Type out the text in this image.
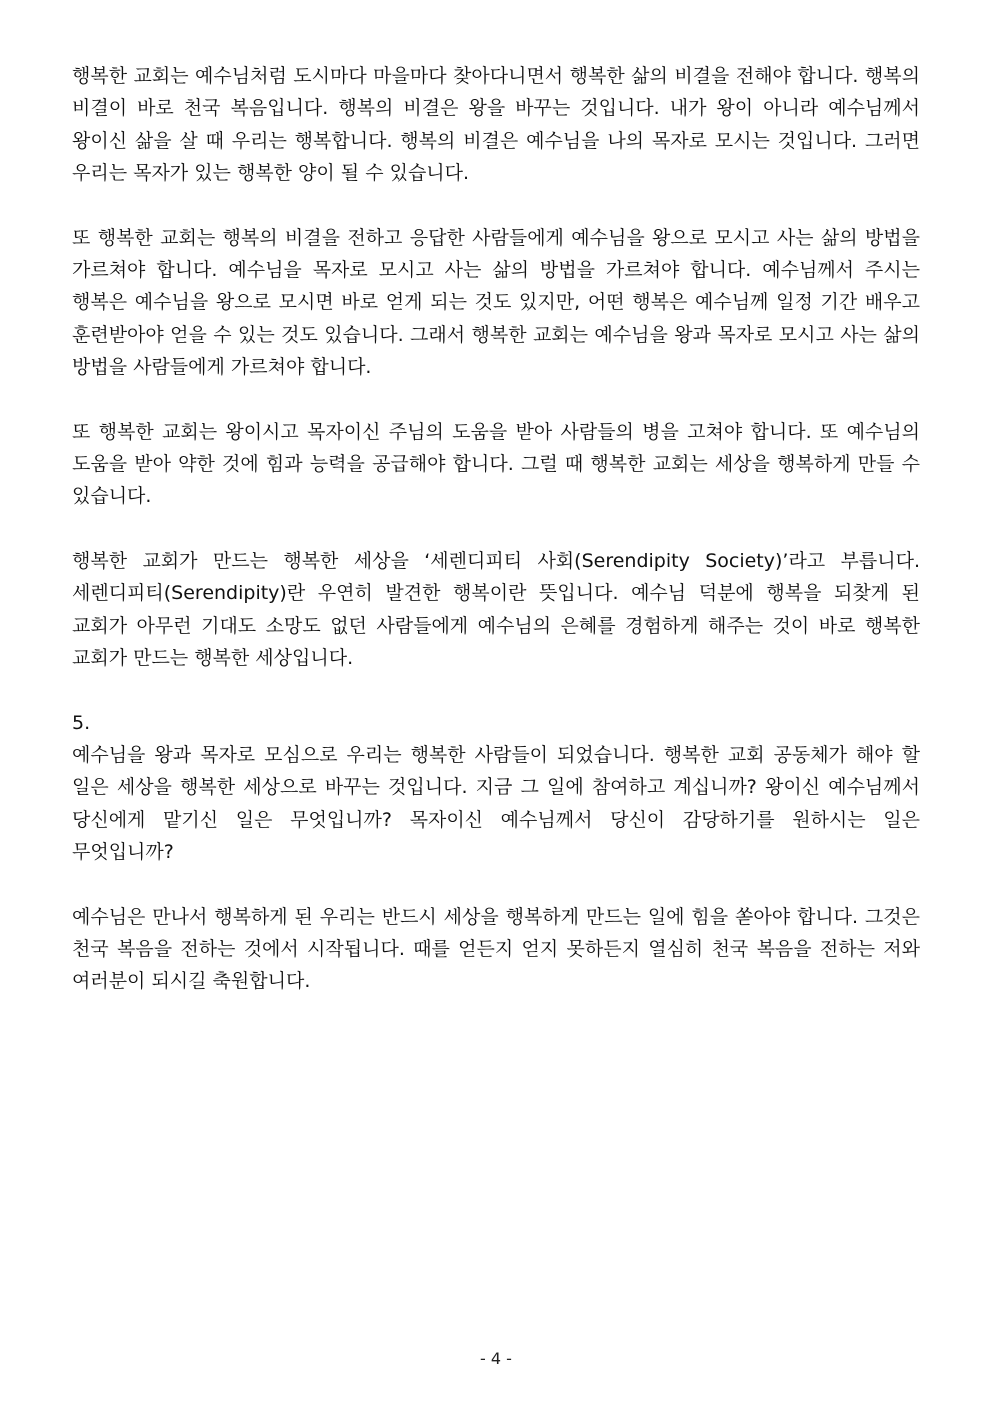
행복한 교회는 예수님처럼 도시마다 마을마다 찾아다니면서 행복한 삶의 비결을 전해야 합니다. 행복의 비결이 바로 천국 복음입니다. 행복의 비결은 왕을 바꾸는 것입니다. 내가 왕이 아니라 예수님께서 왕이신 삶을 살 때 우리는 행복합니다. 행복의 비결은 예수님을 나의 목자로 모시는 것입니다. 그러면 우리는 목자가 있는 행복한 양이 될 수 있습니다.

또 행복한 교회는 행복의 비결을 전하고 응답한 사람들에게 예수님을 왕으로 모시고 사는 삶의 방법을 가르쳐야 합니다. 예수님을 목자로 모시고 사는 삶의 방법을 가르쳐야 합니다. 예수님께서 주시는 행복은 예수님을 왕으로 모시면 바로 얻게 되는 것도 있지만, 어떤 행복은 예수님께 일정 기간 배우고 훈련받아야 얻을 수 있는 것도 있습니다. 그래서 행복한 교회는 예수님을 왕과 목자로 모시고 사는 삶의 방법을 사람들에게 가르쳐야 합니다.

또 행복한 교회는 왕이시고 목자이신 주님의 도움을 받아 사람들의 병을 고쳐야 합니다. 또 예수님의 도움을 받아 약한 것에 힘과 능력을 공급해야 합니다. 그럴 때 행복한 교회는 세상을 행복하게 만들 수 있습니다.

행복한 교회가 만드는 행복한 세상을 ‘세렌디피티 사회(Serendipity Society)’라고 부릅니다. 세렌디피티(Serendipity)란 우연히 발견한 행복이란 뜻입니다. 예수님 덕분에 행복을 되찾게 된 교회가 아무런 기대도 소망도 없던 사람들에게 예수님의 은혜를 경험하게 해주는 것이 바로 행복한 교회가 만드는 행복한 세상입니다.

5.

예수님을 왕과 목자로 모심으로 우리는 행복한 사람들이 되었습니다. 행복한 교회 공동체가 해야 할 일은 세상을 행복한 세상으로 바꾸는 것입니다. 지금 그 일에 참여하고 계십니까? 왕이신 예수님께서 당신에게 맡기신 일은 무엇입니까? 목자이신 예수님께서 당신이 감당하기를 원하시는 일은 무엇입니까?

예수님은 만나서 행복하게 된 우리는 반드시 세상을 행복하게 만드는 일에 힘을 쏟아야 합니다. 그것은 천국 복음을 전하는 것에서 시작됩니다. 때를 얻든지 얻지 못하든지 열심히 천국 복음을 전하는 저와 여러분이 되시길 축원합니다.

- 4 -
